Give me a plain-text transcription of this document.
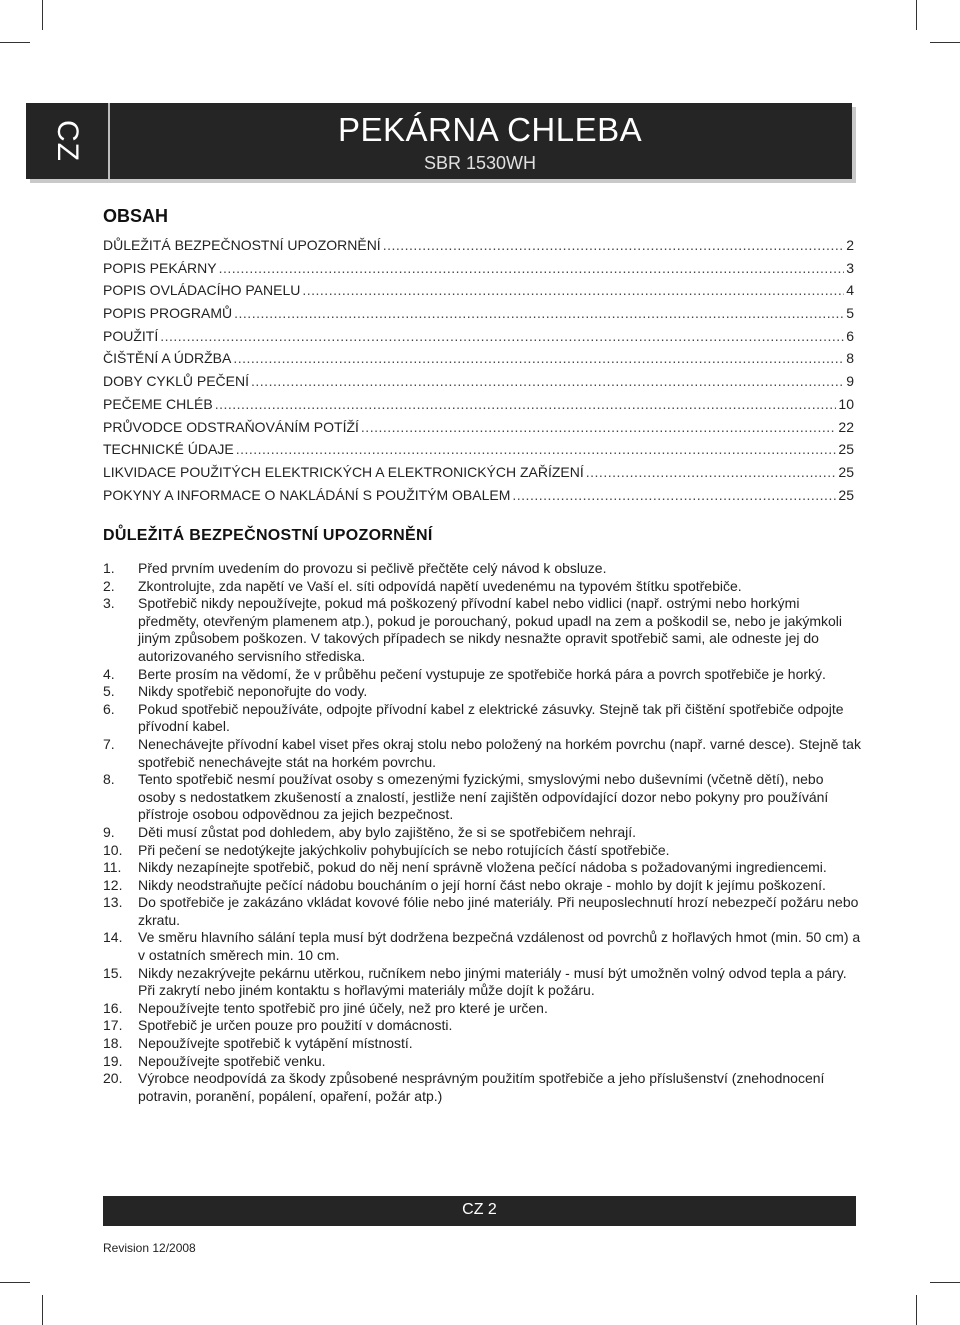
CZ	PEKÁRNA CHLEBA
SBR 1530WH
OBSAH
DŮLEŽITÁ BEZPEČNOSTNÍ UPOZORNĚNÍ .....	2
POPIS PEKÁRNY .....	3
POPIS OVLÁDACÍHO PANELU .....	4
POPIS PROGRAMŮ .....	5
POUŽITÍ .....	6
ČIŠTĚNÍ A ÚDRŽBA .....	8
DOBY CYKLŮ PEČENÍ .....	9
PEČEME CHLÉB .....	10
PRŮVODCE ODSTRAŇOVÁNÍM POTÍŽÍ .....	22
TECHNICKÉ ÚDAJE .....	25
LIKVIDACE POUŽITÝCH ELEKTRICKÝCH A ELEKTRONICKÝCH ZAŘÍZENÍ .....	25
POKYNY A INFORMACE O NAKLÁDÁNÍ S POUŽITÝM OBALEM .....	25
DŮLEŽITÁ BEZPEČNOSTNÍ UPOZORNĚNÍ
1.	Před prvním uvedením do provozu si pečlivě přečtěte celý návod k obsluze.
2.	Zkontrolujte, zda napětí ve Vaší el. síti odpovídá napětí uvedenému na typovém štítku spotřebiče.
3.	Spotřebič nikdy nepoužívejte, pokud má poškozený přívodní kabel nebo vidlici (např. ostrými nebo horkými předměty, otevřeným plamenem atp.), pokud je porouchaný, pokud upadl na zem a poškodil se, nebo je jakýmkoli jiným způsobem poškozen. V takových případech se nikdy nesnažte opravit spotřebič sami, ale odneste jej do autorizovaného servisního střediska.
4.	Berte prosím na vědomí, že v průběhu pečení vystupuje ze spotřebiče horká pára a povrch spotřebiče je horký.
5.	Nikdy spotřebič neponořujte do vody.
6.	Pokud spotřebič nepoužíváte, odpojte přívodní kabel z elektrické zásuvky. Stejně tak při čištění spotřebiče odpojte přívodní kabel.
7.	Nenechávejte přívodní kabel viset přes okraj stolu nebo položený na horkém povrchu (např. varné desce). Stejně tak spotřebič nenechávejte stát na horkém povrchu.
8.	Tento spotřebič nesmí používat osoby s omezenými fyzickými, smyslovými nebo duševními (včetně dětí), nebo osoby s nedostatkem zkušeností a znalostí, jestliže není zajištěn odpovídající dozor nebo pokyny pro používání přístroje osobou odpovědnou za jejich bezpečnost.
9.	Děti musí zůstat pod dohledem, aby bylo zajištěno, že si se spotřebičem nehrají.
10.	Při pečení se nedotýkejte jakýchkoliv pohybujících se nebo rotujících částí spotřebiče.
11.	Nikdy nezapínejte spotřebič, pokud do něj není správně vložena pečící nádoba s požadovanými ingrediencemi.
12.	Nikdy neodstraňujte pečící nádobu boucháním o její horní část nebo okraje - mohlo by dojít k jejímu poškození.
13.	Do spotřebiče je zakázáno vkládat kovové fólie nebo jiné materiály. Při neuposlechnutí hrozí nebezpečí požáru nebo zkratu.
14.	Ve směru hlavního sálání tepla musí být dodržena bezpečná vzdálenost od povrchů z hořlavých hmot (min. 50 cm) a v ostatních směrech min. 10 cm.
15.	Nikdy nezakrývejte pekárnu utěrkou, ručníkem nebo jinými materiály - musí být umožněn volný odvod tepla a páry. Při zakrytí nebo jiném kontaktu s hořlavými materiály může dojít k požáru.
16.	Nepoužívejte tento spotřebič pro jiné účely, než pro které je určen.
17.	Spotřebič je určen pouze pro použití v domácnosti.
18.	Nepoužívejte spotřebič k vytápění místností.
19.	Nepoužívejte spotřebič venku.
20.	Výrobce neodpovídá za škody způsobené nesprávným použitím spotřebiče a jeho příslušenství (znehodnocení potravin, poranění, popálení, opaření, požár atp.)
CZ 2
Revision 12/2008
